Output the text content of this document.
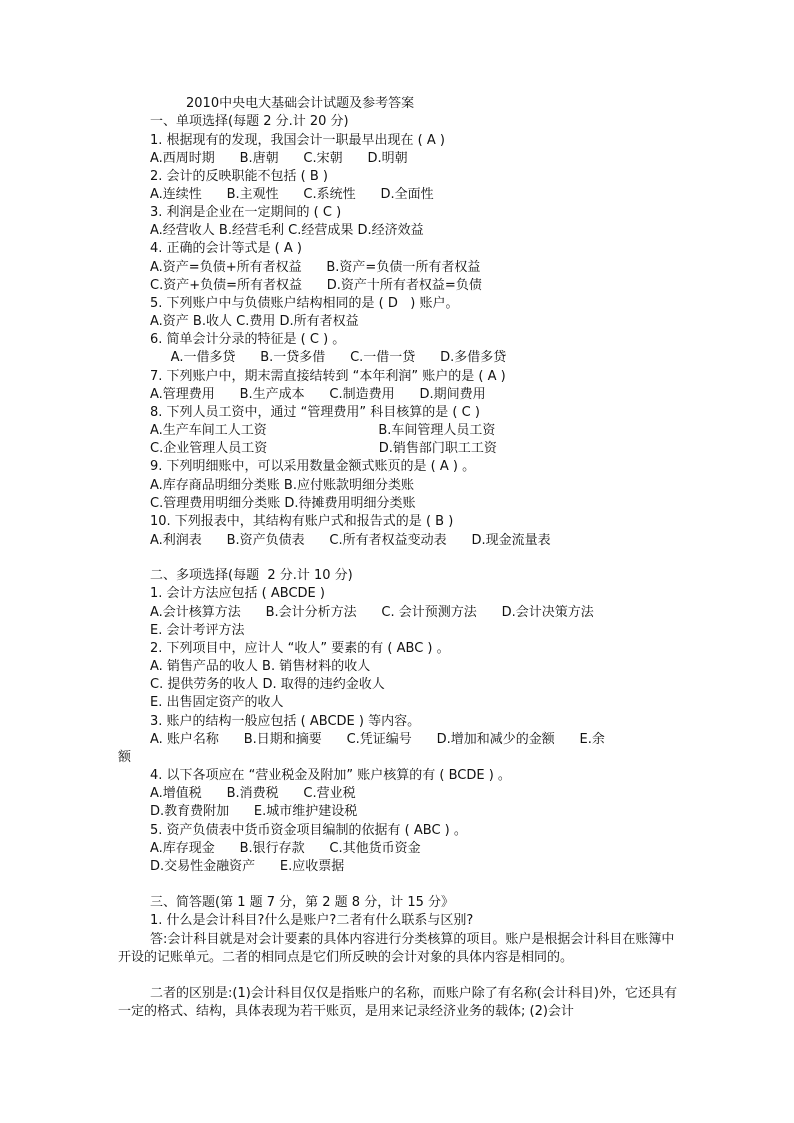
2010中央电大基础会计试题及参考答案
一、单项选择(每题 2 分.计 20 分)
1. 根据现有的发现，我国会计一职最早出现在 ( A )
A.西周时期      B.唐朝      C.宋朝      D.明朝
2. 会计的反映职能不包括 ( B )
A.连续性      B.主观性      C.系统性      D.全面性
3. 利润是企业在一定期间的 ( C )
A.经营收人 B.经营毛利 C.经营成果 D.经济效益
4. 正确的会计等式是 ( A )
A.资产=负债+所有者权益      B.资产=负债一所有者权益
C.资产+负债=所有者权益      D.资产十所有者权益=负债
5. 下列账户中与负债账户结构相同的是 ( D   ) 账户。
A.资产 B.收人 C.费用 D.所有者权益
6. 简单会计分录的特征是 ( C ) 。
A.一借多贷      B.一贷多借      C.一借一贷      D.多借多贷
7. 下列账户中，期末需直接结转到 “本年利润” 账户的是 ( A )
A.管理费用      B.生产成本      C.制造费用      D.期间费用
8. 下列人员工资中，通过 “管理费用” 科目核算的是 ( C )
A.生产车间工人工资                           B.车间管理人员工资
C.企业管理人员工资                           D.销售部门职工工资
9. 下列明细账中，可以采用数量金额式账页的是 ( A ) 。
A.库存商品明细分类账 B.应付账款明细分类账
C.管理费用明细分类账 D.待摊费用明细分类账
10. 下列报表中，其结构有账户式和报告式的是 ( B )
A.利润表      B.资产负债表      C.所有者权益变动表      D.现金流量表
二、多项选择(每题  2 分.计 10 分)
1. 会计方法应包括 ( ABCDE )
A.会计核算方法      B.会计分析方法      C. 会计预测方法      D.会计决策方法
E. 会计考评方法
2. 下列项目中，应计人 “收人” 要素的有 ( ABC ) 。
A. 销售产品的收人 B. 销售材料的收人
C. 提供劳务的收人 D. 取得的违约金收人
E. 出售固定资产的收人
3. 账户的结构一般应包括 ( ABCDE ) 等内容。
A. 账户名称      B.日期和摘要      C.凭证编号      D.增加和减少的金额      E.余
额
4. 以下各项应在 “营业税金及附加” 账户核算的有 ( BCDE ) 。
A.增值税      B.消费税      C.营业税
D.教育费附加      E.城市维护建设税
5. 资产负债表中货币资金项目编制的依据有 ( ABC ) 。
A.库存现金      B.银行存款      C.其他货币资金
D.交易性金融资产      E.应收票据
三、简答题(第 1 题 7 分，第 2 题 8 分，计 15 分》
1. 什么是会计科目?什么是账户?二者有什么联系与区别?
答:会计科目就是对会计要素的具体内容进行分类核算的项目。账户是根据会计科目在账簿中开设的记账单元。二者的相同点是它们所反映的会计对象的具体内容是相同的。
二者的区别是:(1)会计科目仅仅是指账户的名称，而账户除了有名称(会计科目)外，它还具有一定的格式、结构，具体表现为若干账页，是用来记录经济业务的载体; (2)会计
